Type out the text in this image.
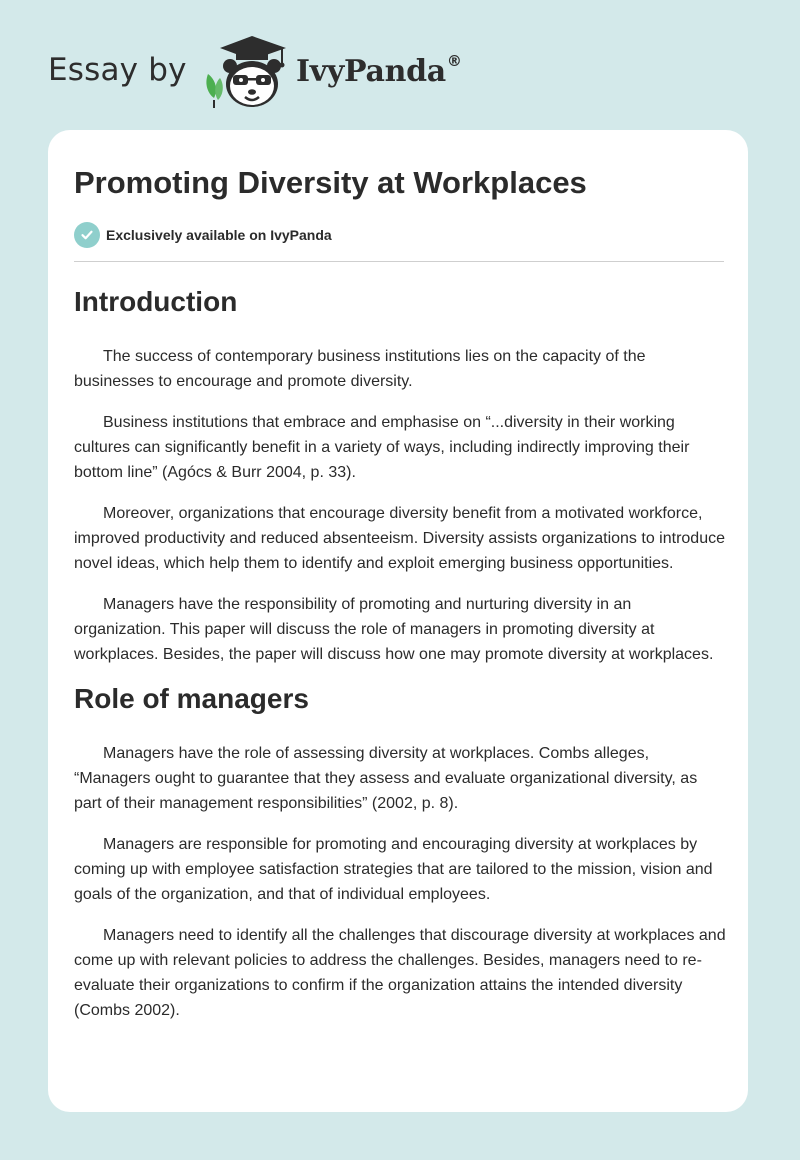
Essay by	IvyPanda®
Promoting Diversity at Workplaces
Exclusively available on IvyPanda
Introduction

The success of contemporary business institutions lies on the capacity of the businesses to encourage and promote diversity.

Business institutions that embrace and emphasise on “...diversity in their working cultures can significantly benefit in a variety of ways, including indirectly improving their bottom line” (Agócs & Burr 2004, p. 33).

Moreover, organizations that encourage diversity benefit from a motivated workforce, improved productivity and reduced absenteeism. Diversity assists organizations to introduce novel ideas, which help them to identify and exploit emerging business opportunities.

Managers have the responsibility of promoting and nurturing diversity in an organization. This paper will discuss the role of managers in promoting diversity at workplaces. Besides, the paper will discuss how one may promote diversity at workplaces.

Role of managers

Managers have the role of assessing diversity at workplaces. Combs alleges, “Managers ought to guarantee that they assess and evaluate organizational diversity, as part of their management responsibilities” (2002, p. 8).

Managers are responsible for promoting and encouraging diversity at workplaces by coming up with employee satisfaction strategies that are tailored to the mission, vision and goals of the organization, and that of individual employees.

Managers need to identify all the challenges that discourage diversity at workplaces and come up with relevant policies to address the challenges. Besides, managers need to re-evaluate their organizations to confirm if the organization attains the intended diversity (Combs 2002).
